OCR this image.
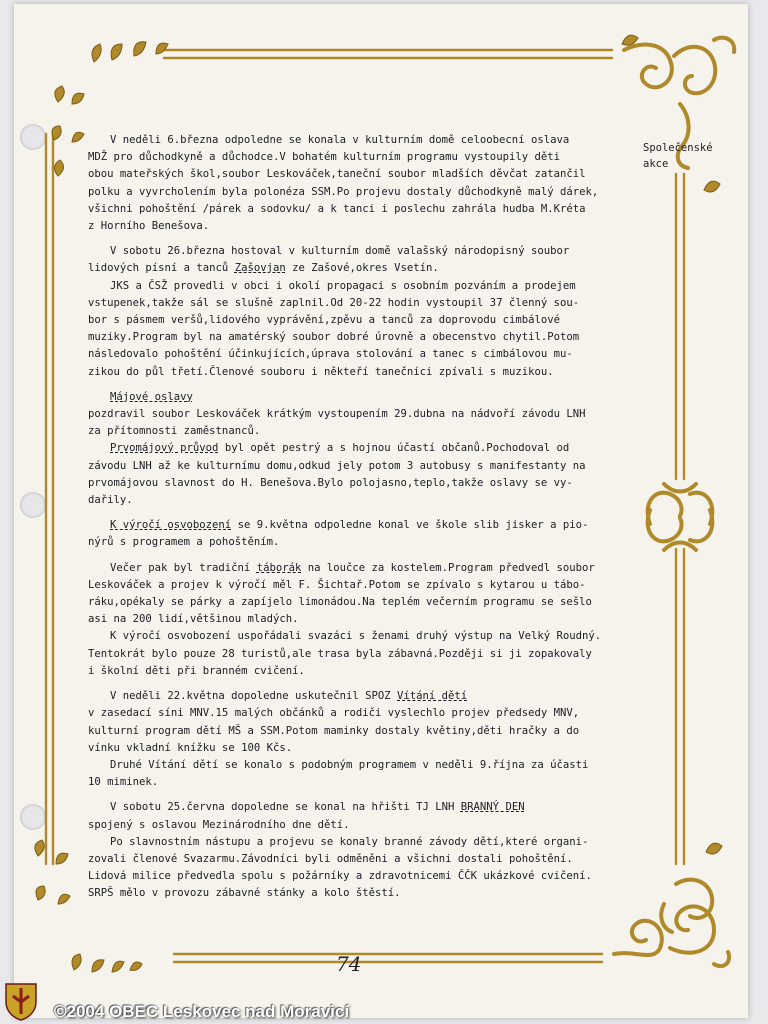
Společenské
akce

V neděli 6.března odpoledne se konala v kulturním domě celoobecní oslava
MDŽ pro důchodkyně a důchodce.V bohatém kulturním programu vystoupily děti
obou mateřských škol,soubor Leskováček,taneční soubor mladších děvčat zatančil
polku a vyvrcholením byla polonéza SSM.Po projevu dostaly důchodkyně malý dárek,
všichni pohoštění /párek a sodovku/ a k tanci i poslechu zahrála hudba M.Kréta
z Horního Benešova.

V sobotu 26.března hostoval v kulturním domě valašský národopisný soubor
lidových písní a tanců Zašovjan ze Zašové,okres Vsetín.

JKS a ČSŽ provedli v obci i okolí propagaci s osobním pozváním a prodejem
vstupenek,takže sál se slušně zaplnil.Od 20-22 hodin vystoupil 37 členný sou-
bor s pásmem veršů,lidového vyprávění,zpěvu a tanců za doprovodu cimbálové
muziky.Program byl na amatérský soubor dobré úrovně a obecenstvo chytil.Potom
následovalo pohoštění účinkujících,úprava stolování a tanec s cimbálovou mu-
zikou do půl třetí.Členové souboru i někteří tanečníci zpívali s muzikou.

Májové oslavy

pozdravil soubor Leskováček krátkým vystoupením 29.dubna na nádvoří závodu LNH
za přítomnosti zaměstnanců.

Prvomájový průvod byl opět pestrý a s hojnou účastí občanů.Pochodoval od
závodu LNH až ke kulturnímu domu,odkud jely potom 3 autobusy s manifestanty na
prvomájovou slavnost do H. Benešova.Bylo polojasno,teplo,takže oslavy se vy-
dařily.

K výročí osvobození se 9.května odpoledne konal ve škole slib jisker a pio-
nýrů s programem a pohoštěním.

Večer pak byl tradiční táborák na loučce za kostelem.Program předvedl soubor
Leskováček a projev k výročí měl F. Šichtař.Potom se zpívalo s kytarou u tábo-
ráku,opékaly se párky a zapíjelo limonádou.Na teplém večerním programu se sešlo
asi na 200 lidí,většinou mladých.

K výročí osvobození uspořádali svazáci s ženami druhý výstup na Velký Roudný.
Tentokrát bylo pouze 28 turistů,ale trasa byla zábavná.Později si ji zopakovaly
i školní děti při branném cvičení.

V neděli 22.května dopoledne uskutečnil SPOZ Vítání dětí
v zasedací síni MNV.15 malých občánků a rodiči vyslechlo projev předsedy MNV,
kulturní program dětí MŠ a SSM.Potom maminky dostaly květiny,děti hračky a do
vínku vkladní knížku se 100 Kčs.

Druhé Vítání dětí se konalo s podobným programem v neděli 9.října za účasti
10 miminek.

V sobotu 25.června dopoledne se konal na hřišti TJ LNH BRANNÝ DEN
spojený s oslavou Mezinárodního dne dětí.

Po slavnostním nástupu a projevu se konaly branné závody dětí,které organi-
zovali členové Svazarmu.Závodníci byli odměněni a všichni dostali pohoštění.
Lidová milice předvedla spolu s požárníky a zdravotnicemi ČČK ukázkové cvičení.
SRPŠ mělo v provozu zábavné stánky a kolo štěstí.

74
©2004 OBEC Leskovec nad Moravicí
